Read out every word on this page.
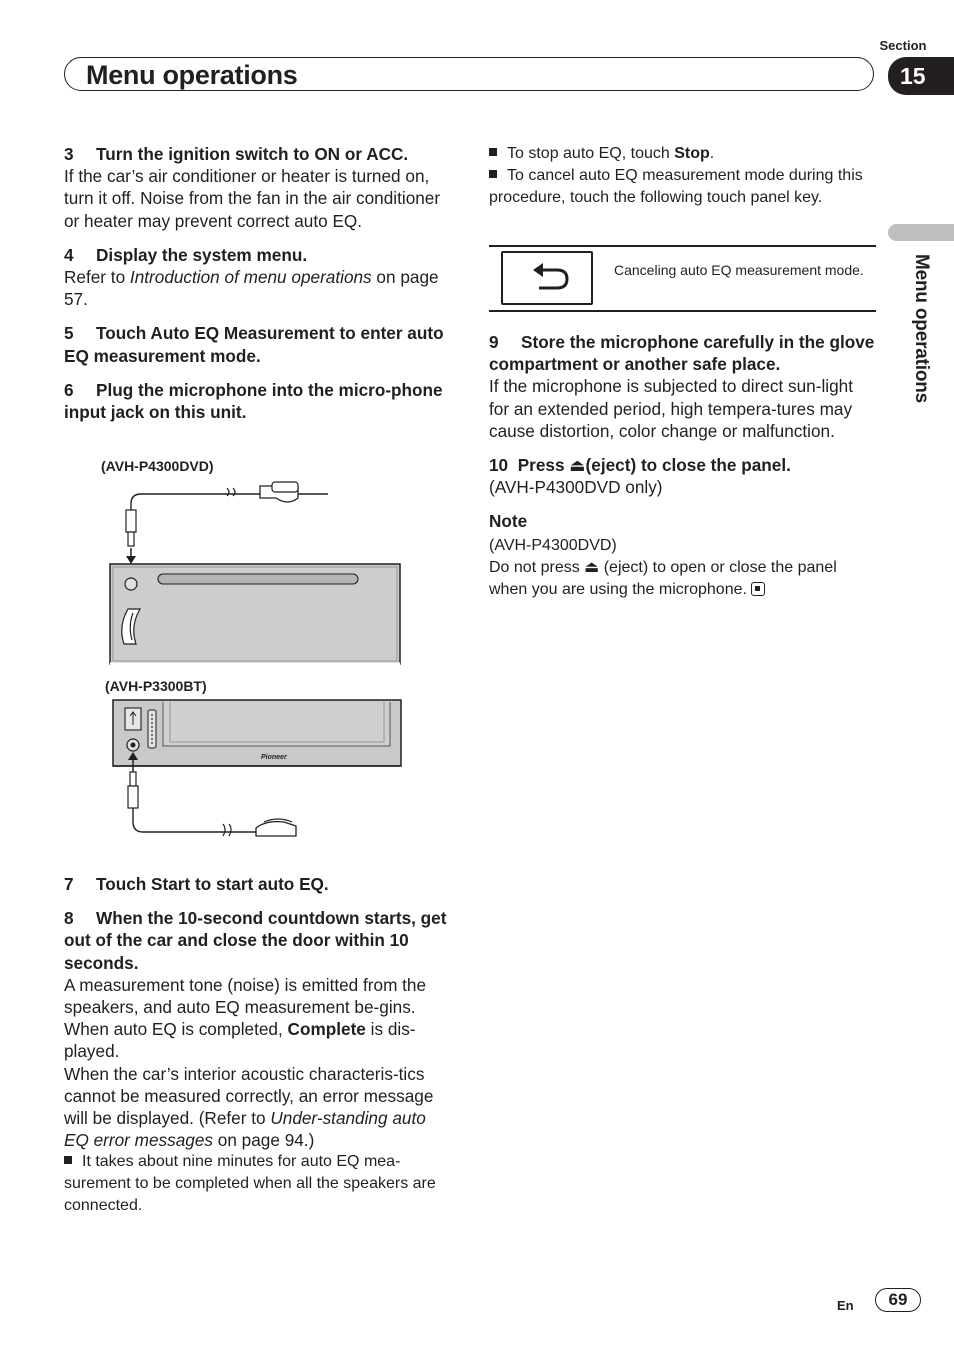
Section
Menu operations	15
Menu operations

3 Turn the ignition switch to ON or ACC.

If the car’s air conditioner or heater is turned on, turn it off. Noise from the fan in the air conditioner or heater may prevent correct auto EQ.

4 Display the system menu.

Refer to Introduction of menu operations on page 57.

5 Touch Auto EQ Measurement to enter auto EQ measurement mode.

6 Plug the microphone into the micro-phone input jack on this unit.

(AVH-P4300DVD)
(AVH-P3300BT)
Pioneer

7 Touch Start to start auto EQ.

8 When the 10-second countdown starts, get out of the car and close the door within 10 seconds.

A measurement tone (noise) is emitted from the speakers, and auto EQ measurement be-gins.

When auto EQ is completed, Complete is dis-played.

When the car’s interior acoustic characteris-tics cannot be measured correctly, an error message will be displayed. (Refer to Under-standing auto EQ error messages on page 94.)

It takes about nine minutes for auto EQ mea-surement to be completed when all the speakers are connected.

To stop auto EQ, touch Stop.

To cancel auto EQ measurement mode during this procedure, touch the following touch panel key.

Canceling auto EQ measurement mode.

9 Store the microphone carefully in the glove compartment or another safe place.

If the microphone is subjected to direct sun-light for an extended period, high tempera-tures may cause distortion, color change or malfunction.

10 Press ⏏(eject) to close the panel.

(AVH-P4300DVD only)

Note

(AVH-P4300DVD)

Do not press ⏏ (eject) to open or close the panel when you are using the microphone.

En	69
